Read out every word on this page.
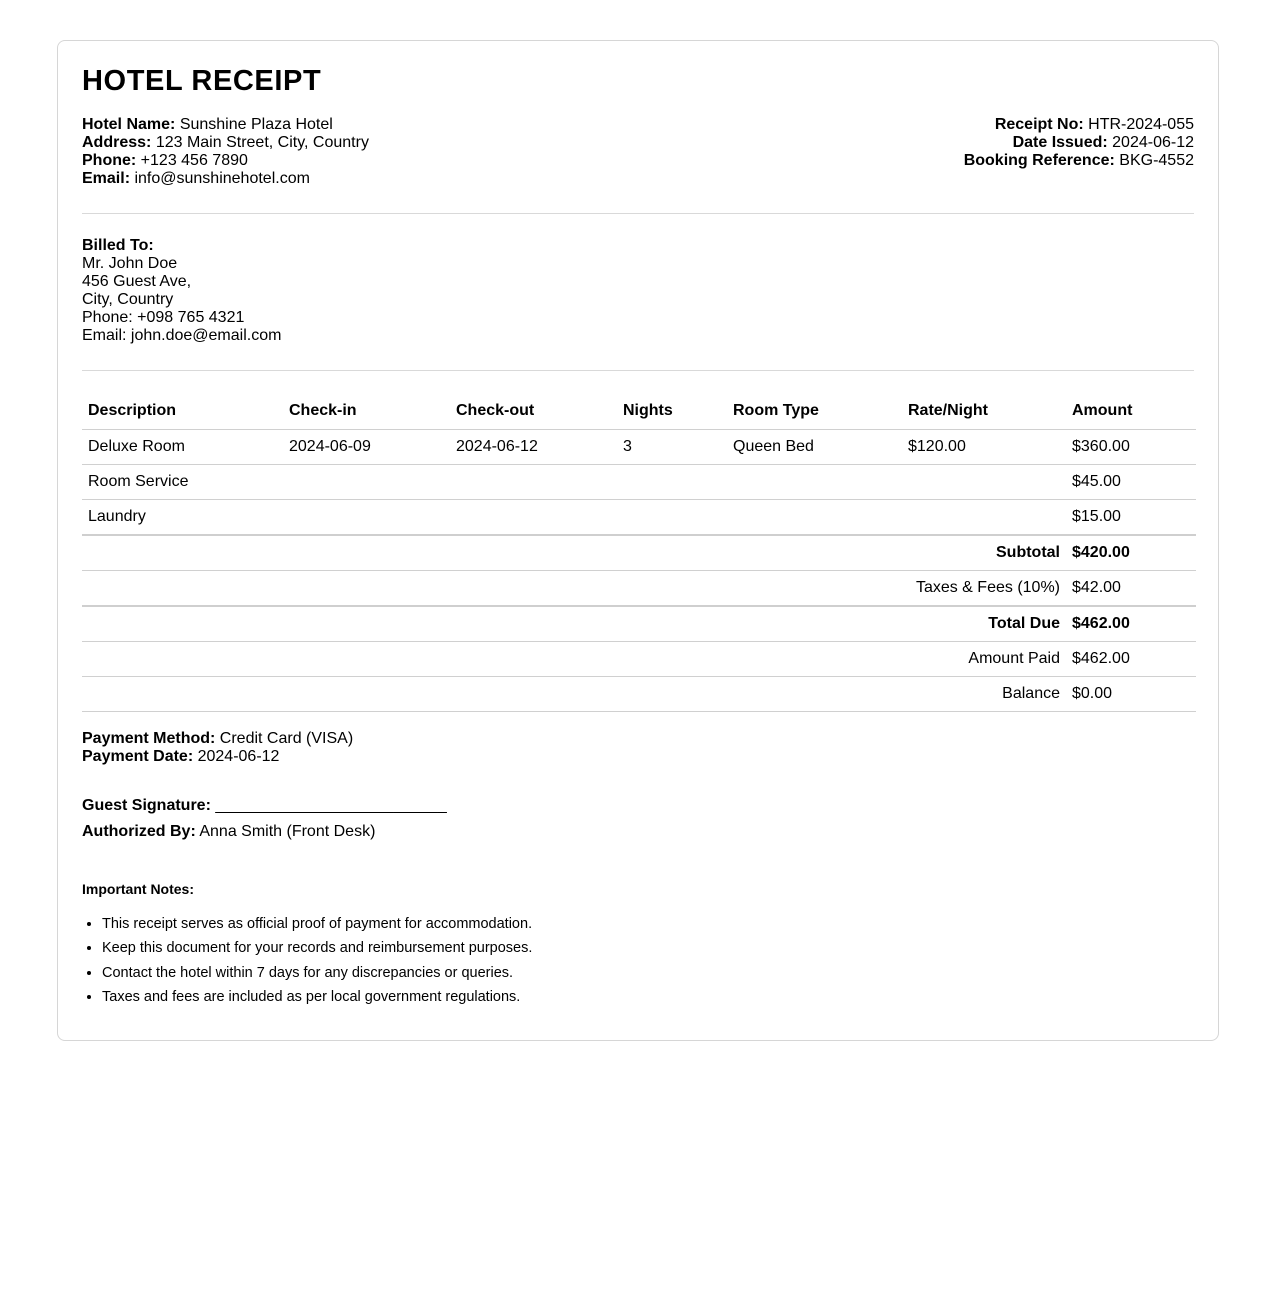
HOTEL RECEIPT
Hotel Name: Sunshine Plaza Hotel
Address: 123 Main Street, City, Country
Phone: +123 456 7890
Email: info@sunshinehotel.com
Receipt No: HTR-2024-055
Date Issued: 2024-06-12
Booking Reference: BKG-4552
Billed To:
Mr. John Doe
456 Guest Ave,
City, Country
Phone: +098 765 4321
Email: john.doe@email.com
Description	Check-in	Check-out	Nights	Room Type	Rate/Night	Amount
Deluxe Room	2024-06-09	2024-06-12	3	Queen Bed	$120.00	$360.00
Room Service						$45.00
Laundry						$15.00
Subtotal						$420.00
Taxes & Fees (10%)						$42.00
Total Due						$462.00
Amount Paid						$462.00
Balance						$0.00
Payment Method: Credit Card (VISA)
Payment Date: 2024-06-12
Guest Signature: __________________________
Authorized By: Anna Smith (Front Desk)
Important Notes:
• This receipt serves as official proof of payment for accommodation.
• Keep this document for your records and reimbursement purposes.
• Contact the hotel within 7 days for any discrepancies or queries.
• Taxes and fees are included as per local government regulations.
